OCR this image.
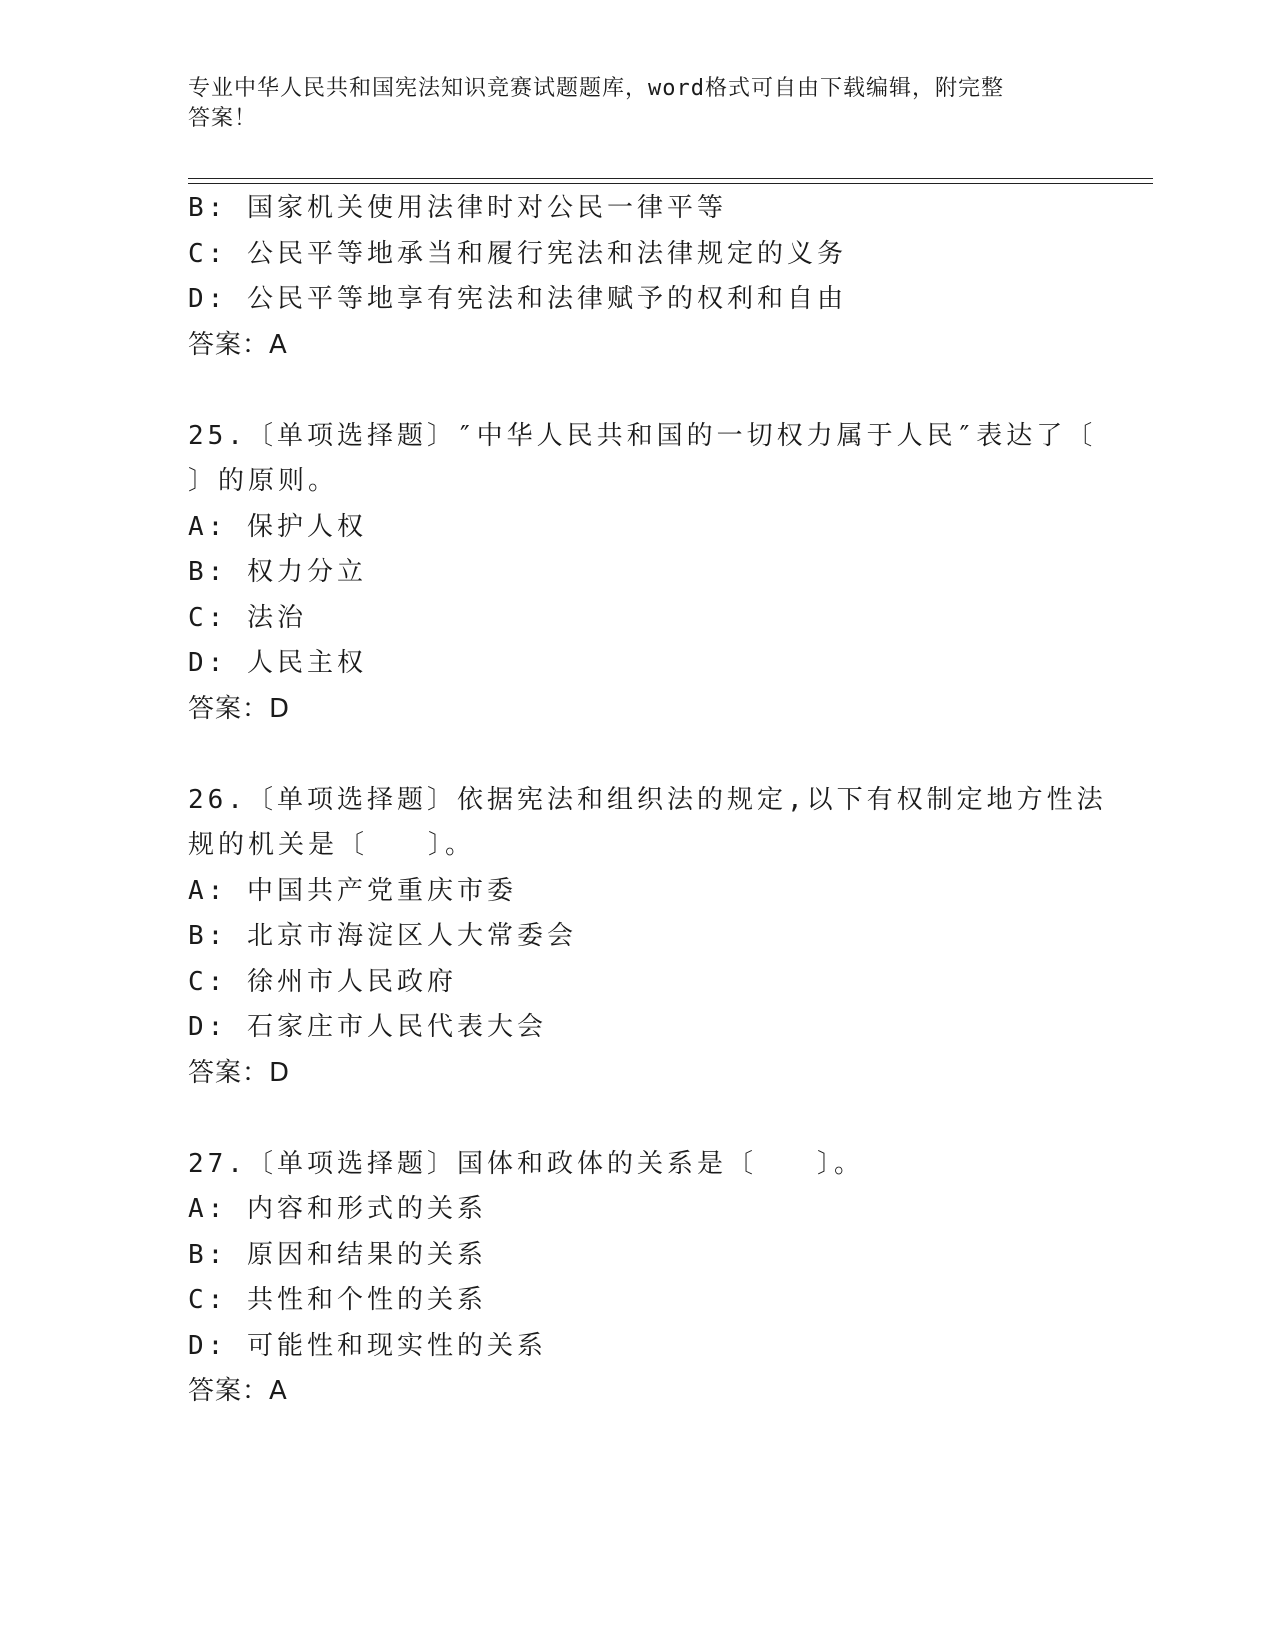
专业中华人民共和国宪法知识竞赛试题题库，word格式可自由下载编辑，附完整
答案！
B: 国家机关使用法律时对公民一律平等
C: 公民平等地承当和履行宪法和法律规定的义务
D: 公民平等地享有宪法和法律赋予的权利和自由
答案：A
25.〔单项选择题〕″中华人民共和国的一切权力属于人民″表达了〔
〕的原则。
A: 保护人权
B: 权力分立
C: 法治
D: 人民主权
答案：D
26.〔单项选择题〕依据宪法和组织法的规定,以下有权制定地方性法
规的机关是〔　　〕。
A: 中国共产党重庆市委
B: 北京市海淀区人大常委会
C: 徐州市人民政府
D: 石家庄市人民代表大会
答案：D
27.〔单项选择题〕国体和政体的关系是〔　　〕。
A: 内容和形式的关系
B: 原因和结果的关系
C: 共性和个性的关系
D: 可能性和现实性的关系
答案：A
